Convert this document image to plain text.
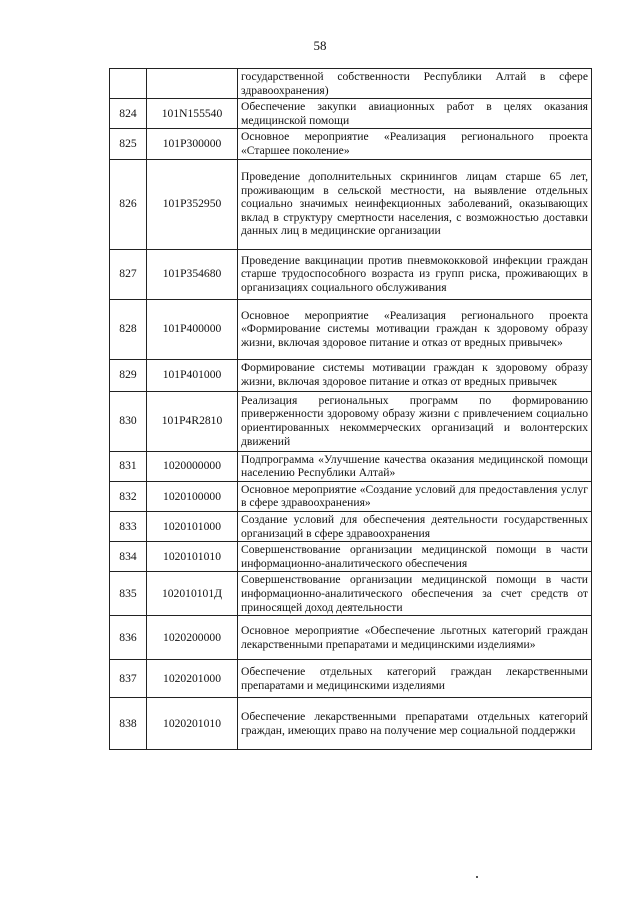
58
		государственной собственности Республики Алтай в сфере здравоохранения)
824	101N155540	Обеспечение закупки авиационных работ в целях оказания медицинской помощи
825	101P300000	Основное мероприятие «Реализация регионального проекта «Старшее поколение»
826	101P352950	Проведение дополнительных скринингов лицам старше 65 лет, проживающим в сельской местности, на выявление отдельных социально значимых неинфекционных заболеваний, оказывающих вклад в структуру смертности населения, с возможностью доставки данных лиц в медицинские организации
827	101P354680	Проведение вакцинации против пневмококковой инфекции граждан старше трудоспособного возраста из групп риска, проживающих в организациях социального обслуживания
828	101P400000	Основное мероприятие «Реализация регионального проекта «Формирование системы мотивации граждан к здоровому образу жизни, включая здоровое питание и отказ от вредных привычек»
829	101P401000	Формирование системы мотивации граждан к здоровому образу жизни, включая здоровое питание и отказ от вредных привычек
830	101P4R2810	Реализация региональных программ по формированию приверженности здоровому образу жизни с привлечением социально ориентированных некоммерческих организаций и волонтерских движений
831	1020000000	Подпрограмма «Улучшение качества оказания медицинской помощи населению Республики Алтай»
832	1020100000	Основное мероприятие «Создание условий для предоставления услуг в сфере здравоохранения»
833	1020101000	Создание условий для обеспечения деятельности государственных организаций в сфере здравоохранения
834	1020101010	Совершенствование организации медицинской помощи в части информационно-аналитического обеспечения
835	102010101Д	Совершенствование организации медицинской помощи в части информационно-аналитического обеспечения за счет средств от приносящей доход деятельности
836	1020200000	Основное мероприятие «Обеспечение льготных категорий граждан лекарственными препаратами и медицинскими изделиями»
837	1020201000	Обеспечение отдельных категорий граждан лекарственными препаратами и медицинскими изделиями
838	1020201010	Обеспечение лекарственными препаратами отдельных категорий граждан, имеющих право на получение мер социальной поддержки
